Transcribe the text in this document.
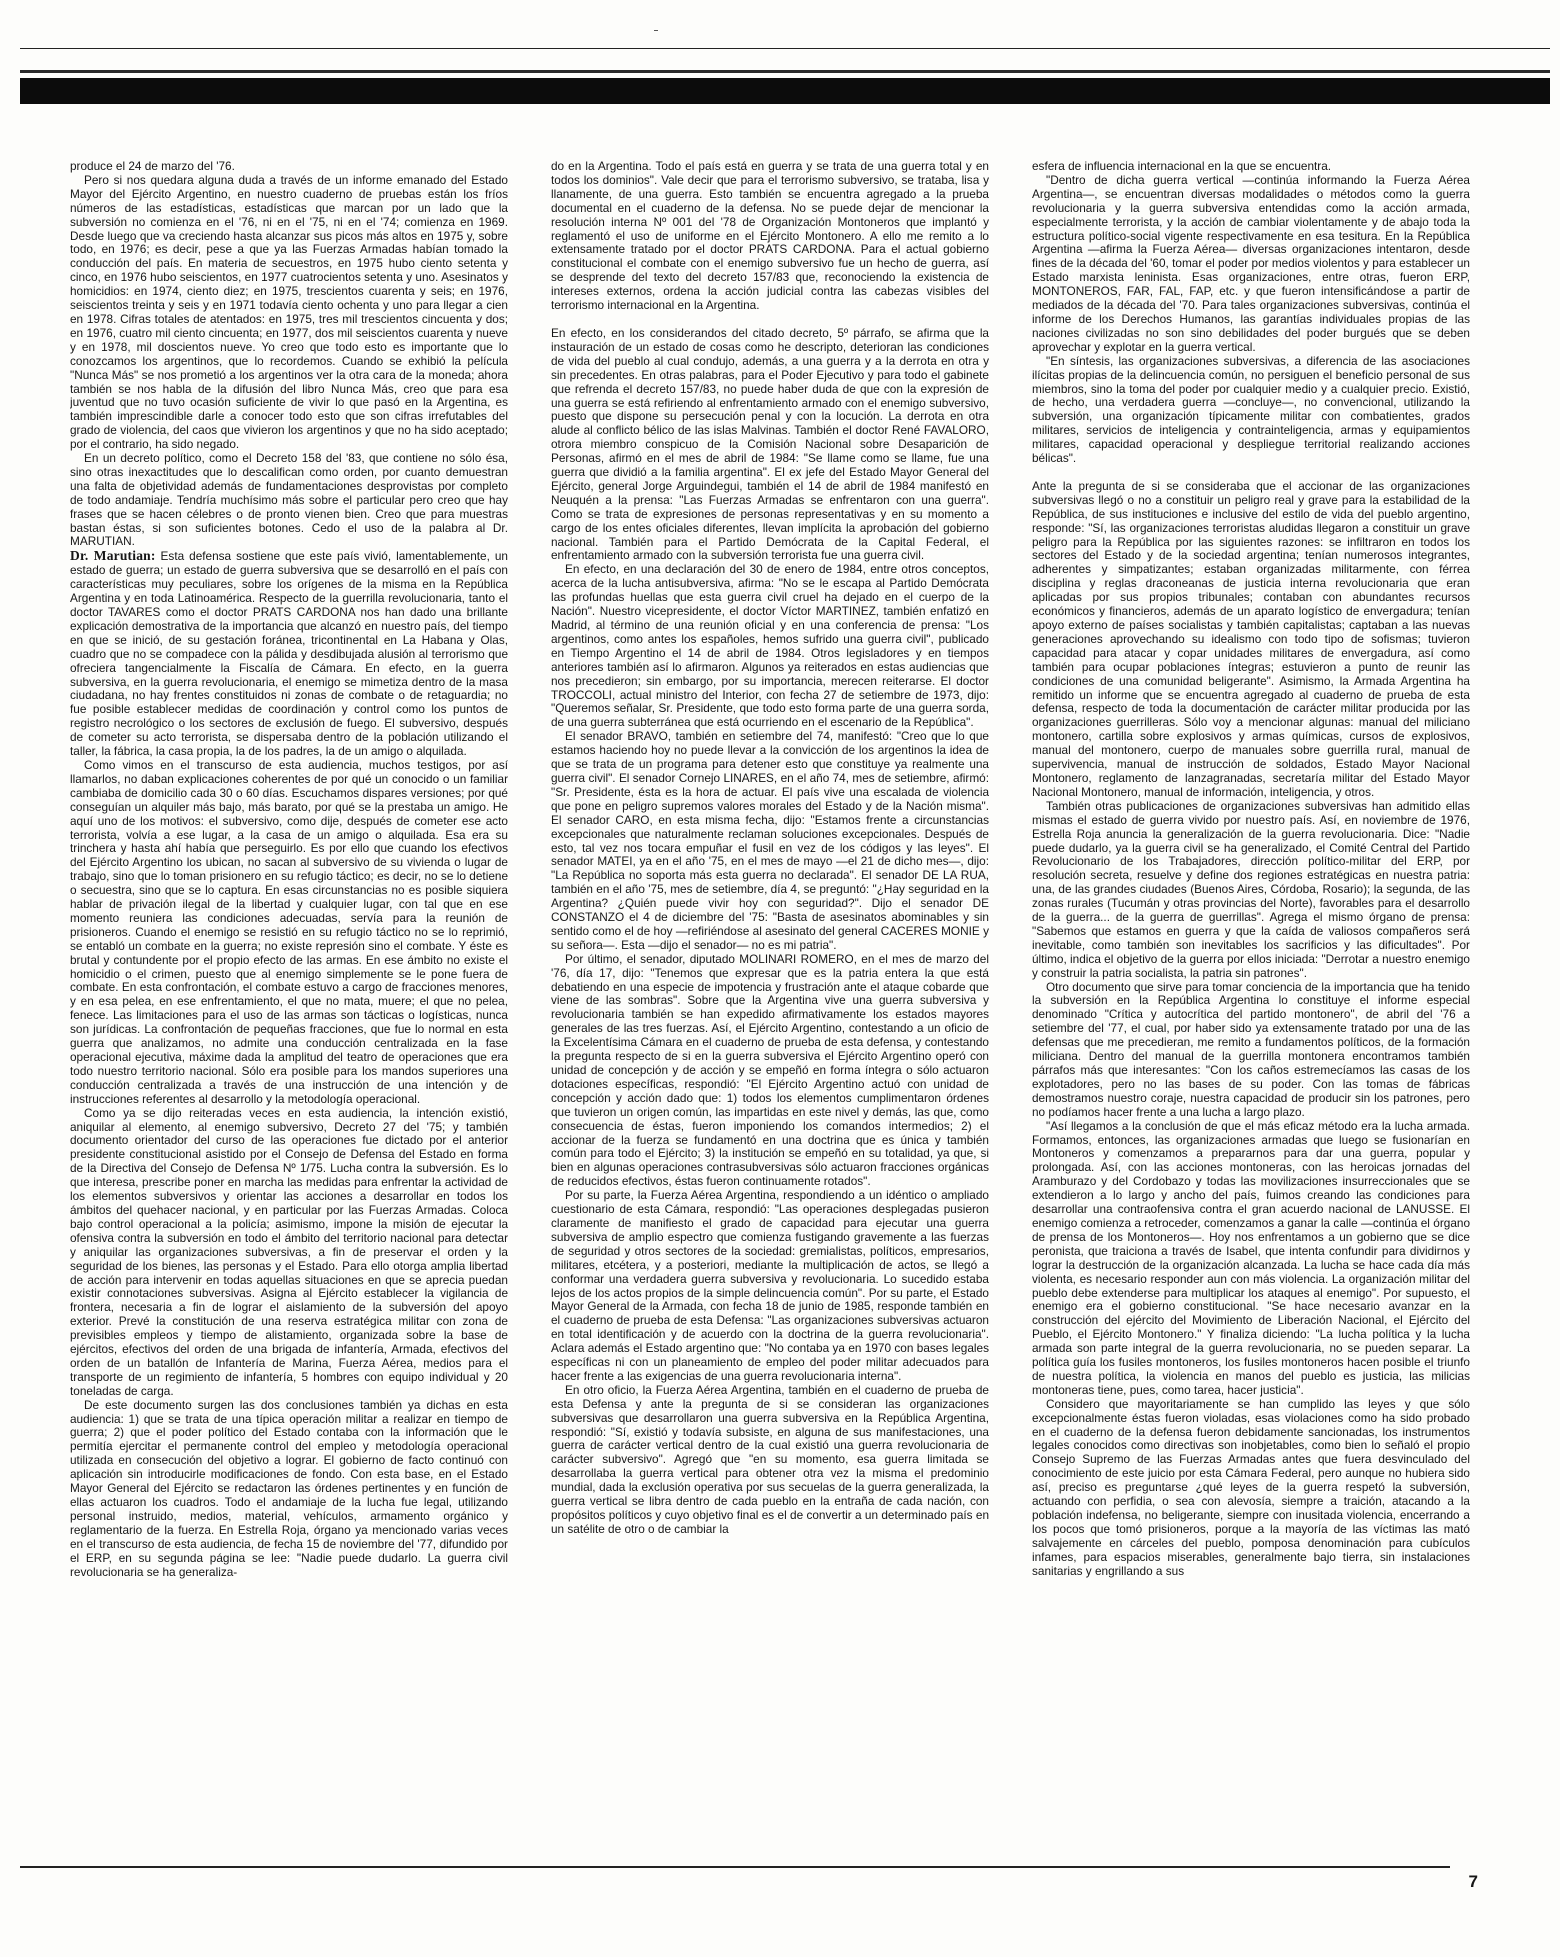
produce el 24 de marzo del '76.

Pero si nos quedara alguna duda a través de un informe emanado del Estado Mayor del Ejército Argentino, en nuestro cuaderno de pruebas están los fríos números de las estadísticas, estadísticas que marcan por un lado que la subversión no comienza en el '76, ni en el '75, ni en el '74; comienza en 1969. Desde luego que va creciendo hasta alcanzar sus picos más altos en 1975 y, sobre todo, en 1976; es decir, pese a que ya las Fuerzas Armadas habían tomado la conducción del país. En materia de secuestros, en 1975 hubo ciento setenta y cinco, en 1976 hubo seiscientos, en 1977 cuatrocientos setenta y uno. Asesinatos y homicidios: en 1974, ciento diez; en 1975, trescientos cuarenta y seis; en 1976, seiscientos treinta y seis y en 1971 todavía ciento ochenta y uno para llegar a cien en 1978. Cifras totales de atentados: en 1975, tres mil trescientos cincuenta y dos; en 1976, cuatro mil ciento cincuenta; en 1977, dos mil seiscientos cuarenta y nueve y en 1978, mil doscientos nueve. Yo creo que todo esto es importante que lo conozcamos los argentinos, que lo recordemos. Cuando se exhibió la película "Nunca Más" se nos prometió a los argentinos ver la otra cara de la moneda; ahora también se nos habla de la difusión del libro Nunca Más, creo que para esa juventud que no tuvo ocasión suficiente de vivir lo que pasó en la Argentina, es también imprescindible darle a conocer todo esto que son cifras irrefutables del grado de violencia, del caos que vivieron los argentinos y que no ha sido aceptado; por el contrario, ha sido negado.

En un decreto político, como el Decreto 158 del '83, que contiene no sólo ésa, sino otras inexactitudes que lo descalifican como orden, por cuanto demuestran una falta de objetividad además de fundamentaciones desprovistas por completo de todo andamiaje. Tendría muchísimo más sobre el particular pero creo que hay frases que se hacen célebres o de pronto vienen bien. Creo que para muestras bastan éstas, si son suficientes botones. Cedo el uso de la palabra al Dr. MARUTIAN.

Dr. Marutian: Esta defensa sostiene que este país vivió, lamentablemente, un estado de guerra; un estado de guerra subversiva que se desarrolló en el país con características muy peculiares, sobre los orígenes de la misma en la República Argentina y en toda Latinoamérica. Respecto de la guerrilla revolucionaria, tanto el doctor TAVARES como el doctor PRATS CARDONA nos han dado una brillante explicación demostrativa de la importancia que alcanzó en nuestro país, del tiempo en que se inició, de su gestación foránea, tricontinental en La Habana y Olas, cuadro que no se compadece con la pálida y desdibujada alusión al terrorismo que ofreciera tangencialmente la Fiscalía de Cámara. En efecto, en la guerra subversiva, en la guerra revolucionaria, el enemigo se mimetiza dentro de la masa ciudadana, no hay frentes constituidos ni zonas de combate o de retaguardia; no fue posible establecer medidas de coordinación y control como los puntos de registro necrológico o los sectores de exclusión de fuego. El subversivo, después de cometer su acto terrorista, se dispersaba dentro de la población utilizando el taller, la fábrica, la casa propia, la de los padres, la de un amigo o alquilada.

Como vimos en el transcurso de esta audiencia, muchos testigos, por así llamarlos, no daban explicaciones coherentes de por qué un conocido o un familiar cambiaba de domicilio cada 30 o 60 días. Escuchamos dispares versiones; por qué conseguían un alquiler más bajo, más barato, por qué se la prestaba un amigo. He aquí uno de los motivos: el subversivo, como dije, después de cometer ese acto terrorista, volvía a ese lugar, a la casa de un amigo o alquilada. Esa era su trinchera y hasta ahí había que perseguirlo. Es por ello que cuando los efectivos del Ejército Argentino los ubican, no sacan al subversivo de su vivienda o lugar de trabajo, sino que lo toman prisionero en su refugio táctico; es decir, no se lo detiene o secuestra, sino que se lo captura. En esas circunstancias no es posible siquiera hablar de privación ilegal de la libertad y cualquier lugar, con tal que en ese momento reuniera las condiciones adecuadas, servía para la reunión de prisioneros. Cuando el enemigo se resistió en su refugio táctico no se lo reprimió, se entabló un combate en la guerra; no existe represión sino el combate. Y éste es brutal y contundente por el propio efecto de las armas. En ese ámbito no existe el homicidio o el crimen, puesto que al enemigo simplemente se le pone fuera de combate. En esta confrontación, el combate estuvo a cargo de fracciones menores, y en esa pelea, en ese enfrentamiento, el que no mata, muere; el que no pelea, fenece. Las limitaciones para el uso de las armas son tácticas o logísticas, nunca son jurídicas. La confrontación de pequeñas fracciones, que fue lo normal en esta guerra que analizamos, no admite una conducción centralizada en la fase operacional ejecutiva, máxime dada la amplitud del teatro de operaciones que era todo nuestro territorio nacional. Sólo era posible para los mandos superiores una conducción centralizada a través de una instrucción de una intención y de instrucciones referentes al desarrollo y la metodología operacional.

Como ya se dijo reiteradas veces en esta audiencia, la intención existió, aniquilar al elemento, al enemigo subversivo, Decreto 27 del '75; y también documento orientador del curso de las operaciones fue dictado por el anterior presidente constitucional asistido por el Consejo de Defensa del Estado en forma de la Directiva del Consejo de Defensa Nº 1/75. Lucha contra la subversión. Es lo que interesa, prescribe poner en marcha las medidas para enfrentar la actividad de los elementos subversivos y orientar las acciones a desarrollar en todos los ámbitos del quehacer nacional, y en particular por las Fuerzas Armadas. Coloca bajo control operacional a la policía; asimismo, impone la misión de ejecutar la ofensiva contra la subversión en todo el ámbito del territorio nacional para detectar y aniquilar las organizaciones subversivas, a fin de preservar el orden y la seguridad de los bienes, las personas y el Estado. Para ello otorga amplia libertad de acción para intervenir en todas aquellas situaciones en que se aprecia puedan existir connotaciones subversivas. Asigna al Ejército establecer la vigilancia de frontera, necesaria a fin de lograr el aislamiento de la subversión del apoyo exterior. Prevé la constitución de una reserva estratégica militar con zona de previsibles empleos y tiempo de alistamiento, organizada sobre la base de ejércitos, efectivos del orden de una brigada de infantería, Armada, efectivos del orden de un batallón de Infantería de Marina, Fuerza Aérea, medios para el transporte de un regimiento de infantería, 5 hombres con equipo individual y 20 toneladas de carga.

De este documento surgen las dos conclusiones también ya dichas en esta audiencia: 1) que se trata de una típica operación militar a realizar en tiempo de guerra; 2) que el poder político del Estado contaba con la información que le permitía ejercitar el permanente control del empleo y metodología operacional utilizada en consecución del objetivo a lograr. El gobierno de facto continuó con aplicación sin introducirle modificaciones de fondo. Con esta base, en el Estado Mayor General del Ejército se redactaron las órdenes pertinentes y en función de ellas actuaron los cuadros. Todo el andamiaje de la lucha fue legal, utilizando personal instruido, medios, material, vehículos, armamento orgánico y reglamentario de la fuerza. En Estrella Roja, órgano ya mencionado varias veces en el transcurso de esta audiencia, de fecha 15 de noviembre del '77, difundido por el ERP, en su segunda página se lee: "Nadie puede dudarlo. La guerra civil revolucionaria se ha generaliza-

do en la Argentina. Todo el país está en guerra y se trata de una guerra total y en todos los dominios". Vale decir que para el terrorismo subversivo, se trataba, lisa y llanamente, de una guerra. Esto también se encuentra agregado a la prueba documental en el cuaderno de la defensa. No se puede dejar de mencionar la resolución interna Nº 001 del '78 de Organización Montoneros que implantó y reglamentó el uso de uniforme en el Ejército Montonero. A ello me remito a lo extensamente tratado por el doctor PRATS CARDONA. Para el actual gobierno constitucional el combate con el enemigo subversivo fue un hecho de guerra, así se desprende del texto del decreto 157/83 que, reconociendo la existencia de intereses externos, ordena la acción judicial contra las cabezas visibles del terrorismo internacional en la Argentina.

En efecto, en los considerandos del citado decreto, 5º párrafo, se afirma que la instauración de un estado de cosas como he descripto, deterioran las condiciones de vida del pueblo al cual condujo, además, a una guerra y a la derrota en otra y sin precedentes. En otras palabras, para el Poder Ejecutivo y para todo el gabinete que refrenda el decreto 157/83, no puede haber duda de que con la expresión de una guerra se está refiriendo al enfrentamiento armado con el enemigo subversivo, puesto que dispone su persecución penal y con la locución. La derrota en otra alude al conflicto bélico de las islas Malvinas. También el doctor René FAVALORO, otrora miembro conspicuo de la Comisión Nacional sobre Desaparición de Personas, afirmó en el mes de abril de 1984: "Se llame como se llame, fue una guerra que dividió a la familia argentina". El ex jefe del Estado Mayor General del Ejército, general Jorge Arguindegui, también el 14 de abril de 1984 manifestó en Neuquén a la prensa: "Las Fuerzas Armadas se enfrentaron con una guerra". Como se trata de expresiones de personas representativas y en su momento a cargo de los entes oficiales diferentes, llevan implícita la aprobación del gobierno nacional. También para el Partido Demócrata de la Capital Federal, el enfrentamiento armado con la subversión terrorista fue una guerra civil.

En efecto, en una declaración del 30 de enero de 1984, entre otros conceptos, acerca de la lucha antisubversiva, afirma: "No se le escapa al Partido Demócrata las profundas huellas que esta guerra civil cruel ha dejado en el cuerpo de la Nación". Nuestro vicepresidente, el doctor Víctor MARTINEZ, también enfatizó en Madrid, al término de una reunión oficial y en una conferencia de prensa: "Los argentinos, como antes los españoles, hemos sufrido una guerra civil", publicado en Tiempo Argentino el 14 de abril de 1984. Otros legisladores y en tiempos anteriores también así lo afirmaron. Algunos ya reiterados en estas audiencias que nos precedieron; sin embargo, por su importancia, merecen reiterarse. El doctor TROCCOLI, actual ministro del Interior, con fecha 27 de setiembre de 1973, dijo: "Queremos señalar, Sr. Presidente, que todo esto forma parte de una guerra sorda, de una guerra subterránea que está ocurriendo en el escenario de la República".

El senador BRAVO, también en setiembre del 74, manifestó: "Creo que lo que estamos haciendo hoy no puede llevar a la convicción de los argentinos la idea de que se trata de un programa para detener esto que constituye ya realmente una guerra civil". El senador Cornejo LINARES, en el año 74, mes de setiembre, afirmó: "Sr. Presidente, ésta es la hora de actuar. El país vive una escalada de violencia que pone en peligro supremos valores morales del Estado y de la Nación misma". El senador CARO, en esta misma fecha, dijo: "Estamos frente a circunstancias excepcionales que naturalmente reclaman soluciones excepcionales. Después de esto, tal vez nos tocara empuñar el fusil en vez de los códigos y las leyes". El senador MATEI, ya en el año '75, en el mes de mayo —el 21 de dicho mes—, dijo: "La República no soporta más esta guerra no declarada". El senador DE LA RUA, también en el año '75, mes de setiembre, día 4, se preguntó: "¿Hay seguridad en la Argentina? ¿Quién puede vivir hoy con seguridad?". Dijo el senador DE CONSTANZO el 4 de diciembre del '75: "Basta de asesinatos abominables y sin sentido como el de hoy —refiriéndose al asesinato del general CACERES MONIE y su señora—. Esta —dijo el senador— no es mi patria".

Por último, el senador, diputado MOLINARI ROMERO, en el mes de marzo del '76, día 17, dijo: "Tenemos que expresar que es la patria entera la que está debatiendo en una especie de impotencia y frustración ante el ataque cobarde que viene de las sombras". Sobre que la Argentina vive una guerra subversiva y revolucionaria también se han expedido afirmativamente los estados mayores generales de las tres fuerzas. Así, el Ejército Argentino, contestando a un oficio de la Excelentísima Cámara en el cuaderno de prueba de esta defensa, y contestando la pregunta respecto de si en la guerra subversiva el Ejército Argentino operó con unidad de concepción y de acción y se empeñó en forma íntegra o sólo actuaron dotaciones específicas, respondió: "El Ejército Argentino actuó con unidad de concepción y acción dado que: 1) todos los elementos cumplimentaron órdenes que tuvieron un origen común, las impartidas en este nivel y demás, las que, como consecuencia de éstas, fueron imponiendo los comandos intermedios; 2) el accionar de la fuerza se fundamentó en una doctrina que es única y también común para todo el Ejército; 3) la institución se empeñó en su totalidad, ya que, si bien en algunas operaciones contrasubversivas sólo actuaron fracciones orgánicas de reducidos efectivos, éstas fueron continuamente rotados".

Por su parte, la Fuerza Aérea Argentina, respondiendo a un idéntico o ampliado cuestionario de esta Cámara, respondió: "Las operaciones desplegadas pusieron claramente de manifiesto el grado de capacidad para ejecutar una guerra subversiva de amplio espectro que comienza fustigando gravemente a las fuerzas de seguridad y otros sectores de la sociedad: gremialistas, políticos, empresarios, militares, etcétera, y a posteriori, mediante la multiplicación de actos, se llegó a conformar una verdadera guerra subversiva y revolucionaria. Lo sucedido estaba lejos de los actos propios de la simple delincuencia común". Por su parte, el Estado Mayor General de la Armada, con fecha 18 de junio de 1985, responde también en el cuaderno de prueba de esta Defensa: "Las organizaciones subversivas actuaron en total identificación y de acuerdo con la doctrina de la guerra revolucionaria". Aclara además el Estado argentino que: "No contaba ya en 1970 con bases legales específicas ni con un planeamiento de empleo del poder militar adecuados para hacer frente a las exigencias de una guerra revolucionaria interna".

En otro oficio, la Fuerza Aérea Argentina, también en el cuaderno de prueba de esta Defensa y ante la pregunta de si se consideran las organizaciones subversivas que desarrollaron una guerra subversiva en la República Argentina, respondió: "Sí, existió y todavía subsiste, en alguna de sus manifestaciones, una guerra de carácter vertical dentro de la cual existió una guerra revolucionaria de carácter subversivo". Agregó que "en su momento, esa guerra limitada se desarrollaba la guerra vertical para obtener otra vez la misma el predominio mundial, dada la exclusión operativa por sus secuelas de la guerra generalizada, la guerra vertical se libra dentro de cada pueblo en la entraña de cada nación, con propósitos políticos y cuyo objetivo final es el de convertir a un determinado país en un satélite de otro o de cambiar la

esfera de influencia internacional en la que se encuentra.

"Dentro de dicha guerra vertical —continúa informando la Fuerza Aérea Argentina—, se encuentran diversas modalidades o métodos como la guerra revolucionaria y la guerra subversiva entendidas como la acción armada, especialmente terrorista, y la acción de cambiar violentamente y de abajo toda la estructura político-social vigente respectivamente en esa tesitura. En la República Argentina —afirma la Fuerza Aérea— diversas organizaciones intentaron, desde fines de la década del '60, tomar el poder por medios violentos y para establecer un Estado marxista leninista. Esas organizaciones, entre otras, fueron ERP, MONTONEROS, FAR, FAL, FAP, etc. y que fueron intensificándose a partir de mediados de la década del '70. Para tales organizaciones subversivas, continúa el informe de los Derechos Humanos, las garantías individuales propias de las naciones civilizadas no son sino debilidades del poder burgués que se deben aprovechar y explotar en la guerra vertical.

"En síntesis, las organizaciones subversivas, a diferencia de las asociaciones ilícitas propias de la delincuencia común, no persiguen el beneficio personal de sus miembros, sino la toma del poder por cualquier medio y a cualquier precio. Existió, de hecho, una verdadera guerra —concluye—, no convencional, utilizando la subversión, una organización típicamente militar con combatientes, grados militares, servicios de inteligencia y contrainteligencia, armas y equipamientos militares, capacidad operacional y despliegue territorial realizando acciones bélicas".

Ante la pregunta de si se consideraba que el accionar de las organizaciones subversivas llegó o no a constituir un peligro real y grave para la estabilidad de la República, de sus instituciones e inclusive del estilo de vida del pueblo argentino, responde: "Sí, las organizaciones terroristas aludidas llegaron a constituir un grave peligro para la República por las siguientes razones: se infiltraron en todos los sectores del Estado y de la sociedad argentina; tenían numerosos integrantes, adherentes y simpatizantes; estaban organizadas militarmente, con férrea disciplina y reglas draconeanas de justicia interna revolucionaria que eran aplicadas por sus propios tribunales; contaban con abundantes recursos económicos y financieros, además de un aparato logístico de envergadura; tenían apoyo externo de países socialistas y también capitalistas; captaban a las nuevas generaciones aprovechando su idealismo con todo tipo de sofismas; tuvieron capacidad para atacar y copar unidades militares de envergadura, así como también para ocupar poblaciones íntegras; estuvieron a punto de reunir las condiciones de una comunidad beligerante". Asimismo, la Armada Argentina ha remitido un informe que se encuentra agregado al cuaderno de prueba de esta defensa, respecto de toda la documentación de carácter militar producida por las organizaciones guerrilleras. Sólo voy a mencionar algunas: manual del miliciano montonero, cartilla sobre explosivos y armas químicas, cursos de explosivos, manual del montonero, cuerpo de manuales sobre guerrilla rural, manual de supervivencia, manual de instrucción de soldados, Estado Mayor Nacional Montonero, reglamento de lanzagranadas, secretaría militar del Estado Mayor Nacional Montonero, manual de información, inteligencia, y otros.

También otras publicaciones de organizaciones subversivas han admitido ellas mismas el estado de guerra vivido por nuestro país. Así, en noviembre de 1976, Estrella Roja anuncia la generalización de la guerra revolucionaria. Dice: "Nadie puede dudarlo, ya la guerra civil se ha generalizado, el Comité Central del Partido Revolucionario de los Trabajadores, dirección político-militar del ERP, por resolución secreta, resuelve y define dos regiones estratégicas en nuestra patria: una, de las grandes ciudades (Buenos Aires, Córdoba, Rosario); la segunda, de las zonas rurales (Tucumán y otras provincias del Norte), favorables para el desarrollo de la guerra... de la guerra de guerrillas". Agrega el mismo órgano de prensa: "Sabemos que estamos en guerra y que la caída de valiosos compañeros será inevitable, como también son inevitables los sacrificios y las dificultades". Por último, indica el objetivo de la guerra por ellos iniciada: "Derrotar a nuestro enemigo y construir la patria socialista, la patria sin patrones".

Otro documento que sirve para tomar conciencia de la importancia que ha tenido la subversión en la República Argentina lo constituye el informe especial denominado "Crítica y autocrítica del partido montonero", de abril del '76 a setiembre del '77, el cual, por haber sido ya extensamente tratado por una de las defensas que me precedieran, me remito a fundamentos políticos, de la formación miliciana. Dentro del manual de la guerrilla montonera encontramos también párrafos más que interesantes: "Con los caños estremecíamos las casas de los explotadores, pero no las bases de su poder. Con las tomas de fábricas demostramos nuestro coraje, nuestra capacidad de producir sin los patrones, pero no podíamos hacer frente a una lucha a largo plazo.

"Así llegamos a la conclusión de que el más eficaz método era la lucha armada. Formamos, entonces, las organizaciones armadas que luego se fusionarían en Montoneros y comenzamos a prepararnos para dar una guerra, popular y prolongada. Así, con las acciones montoneras, con las heroicas jornadas del Aramburazo y del Cordobazo y todas las movilizaciones insurreccionales que se extendieron a lo largo y ancho del país, fuimos creando las condiciones para desarrollar una contraofensiva contra el gran acuerdo nacional de LANUSSE. El enemigo comienza a retroceder, comenzamos a ganar la calle —continúa el órgano de prensa de los Montoneros—. Hoy nos enfrentamos a un gobierno que se dice peronista, que traiciona a través de Isabel, que intenta confundir para dividirnos y lograr la destrucción de la organización alcanzada. La lucha se hace cada día más violenta, es necesario responder aun con más violencia. La organización militar del pueblo debe extenderse para multiplicar los ataques al enemigo". Por supuesto, el enemigo era el gobierno constitucional. "Se hace necesario avanzar en la construcción del ejército del Movimiento de Liberación Nacional, el Ejército del Pueblo, el Ejército Montonero." Y finaliza diciendo: "La lucha política y la lucha armada son parte integral de la guerra revolucionaria, no se pueden separar. La política guía los fusiles montoneros, los fusiles montoneros hacen posible el triunfo de nuestra política, la violencia en manos del pueblo es justicia, las milicias montoneras tiene, pues, como tarea, hacer justicia".

Considero que mayoritariamente se han cumplido las leyes y que sólo excepcionalmente éstas fueron violadas, esas violaciones como ha sido probado en el cuaderno de la defensa fueron debidamente sancionadas, los instrumentos legales conocidos como directivas son inobjetables, como bien lo señaló el propio Consejo Supremo de las Fuerzas Armadas antes que fuera desvinculado del conocimiento de este juicio por esta Cámara Federal, pero aunque no hubiera sido así, preciso es preguntarse ¿qué leyes de la guerra respetó la subversión, actuando con perfidia, o sea con alevosía, siempre a traición, atacando a la población indefensa, no beligerante, siempre con inusitada violencia, encerrando a los pocos que tomó prisioneros, porque a la mayoría de las víctimas las mató salvajemente en cárceles del pueblo, pomposa denominación para cubículos infames, para espacios miserables, generalmente bajo tierra, sin instalaciones sanitarias y engrillando a sus

7
